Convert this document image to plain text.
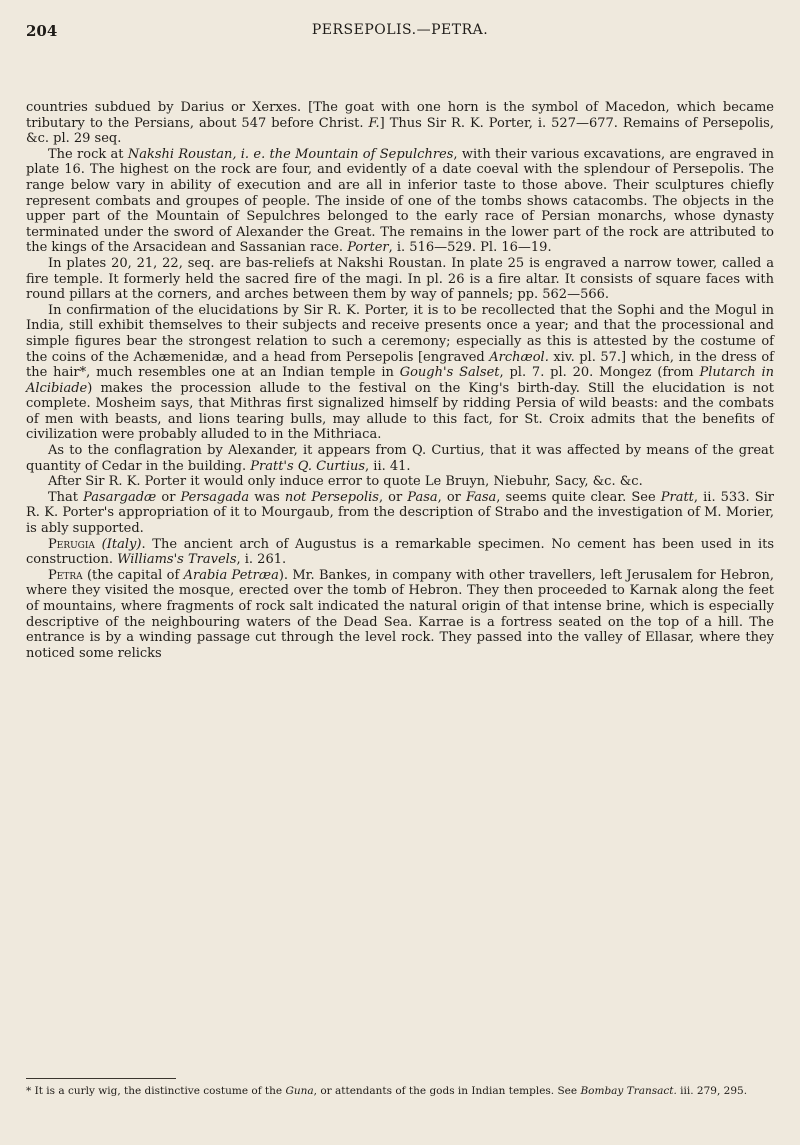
204	PERSEPOLIS.—PETRA.

countries subdued by Darius or Xerxes. [The goat with one horn is the symbol of Macedon, which became tributary to the Persians, about 547 before Christ. F.] Thus Sir R. K. Porter, i. 527—677. Remains of Persepolis, &c. pl. 29 seq.

The rock at Nakshi Roustan, i. e. the Mountain of Sepulchres, with their various excavations, are engraved in plate 16. The highest on the rock are four, and evidently of a date coeval with the splendour of Persepolis. The range below vary in ability of execution and are all in inferior taste to those above. Their sculptures chiefly represent combats and groupes of people. The inside of one of the tombs shows catacombs. The objects in the upper part of the Mountain of Sepulchres belonged to the early race of Persian monarchs, whose dynasty terminated under the sword of Alexander the Great. The remains in the lower part of the rock are attributed to the kings of the Arsacidean and Sassanian race. Porter, i. 516—529. Pl. 16—19.

In plates 20, 21, 22, seq. are bas-reliefs at Nakshi Roustan. In plate 25 is engraved a narrow tower, called a fire temple. It formerly held the sacred fire of the magi. In pl. 26 is a fire altar. It consists of square faces with round pillars at the corners, and arches between them by way of pannels; pp. 562—566.

In confirmation of the elucidations by Sir R. K. Porter, it is to be recollected that the Sophi and the Mogul in India, still exhibit themselves to their subjects and receive presents once a year; and that the processional and simple figures bear the strongest relation to such a ceremony; especially as this is attested by the costume of the coins of the Achæmenidæ, and a head from Persepolis [engraved Archæol. xiv. pl. 57.] which, in the dress of the hair*, much resembles one at an Indian temple in Gough's Salset, pl. 7. pl. 20. Mongez (from Plutarch in Alcibiade) makes the procession allude to the festival on the King's birth-day. Still the elucidation is not complete. Mosheim says, that Mithras first signalized himself by ridding Persia of wild beasts: and the combats of men with beasts, and lions tearing bulls, may allude to this fact, for St. Croix admits that the benefits of civilization were probably alluded to in the Mithriaca.

As to the conflagration by Alexander, it appears from Q. Curtius, that it was affected by means of the great quantity of Cedar in the building. Pratt's Q. Curtius, ii. 41.

After Sir R. K. Porter it would only induce error to quote Le Bruyn, Niebuhr, Sacy, &c. &c.

That Pasargadæ or Persagada was not Persepolis, or Pasa, or Fasa, seems quite clear. See Pratt, ii. 533. Sir R. K. Porter's appropriation of it to Mourgaub, from the description of Strabo and the investigation of M. Morier, is ably supported.

Perugia (Italy). The ancient arch of Augustus is a remarkable specimen. No cement has been used in its construction. Williams's Travels, i. 261.

Petra (the capital of Arabia Petræa). Mr. Bankes, in company with other travellers, left Jerusalem for Hebron, where they visited the mosque, erected over the tomb of Hebron. They then proceeded to Karnak along the feet of mountains, where fragments of rock salt indicated the natural origin of that intense brine, which is especially descriptive of the neighbouring waters of the Dead Sea. Karrae is a fortress seated on the top of a hill. The entrance is by a winding passage cut through the level rock. They passed into the valley of Ellasar, where they noticed some relicks

* It is a curly wig, the distinctive costume of the Guna, or attendants of the gods in Indian temples. See Bombay Transact. iii. 279, 295.
